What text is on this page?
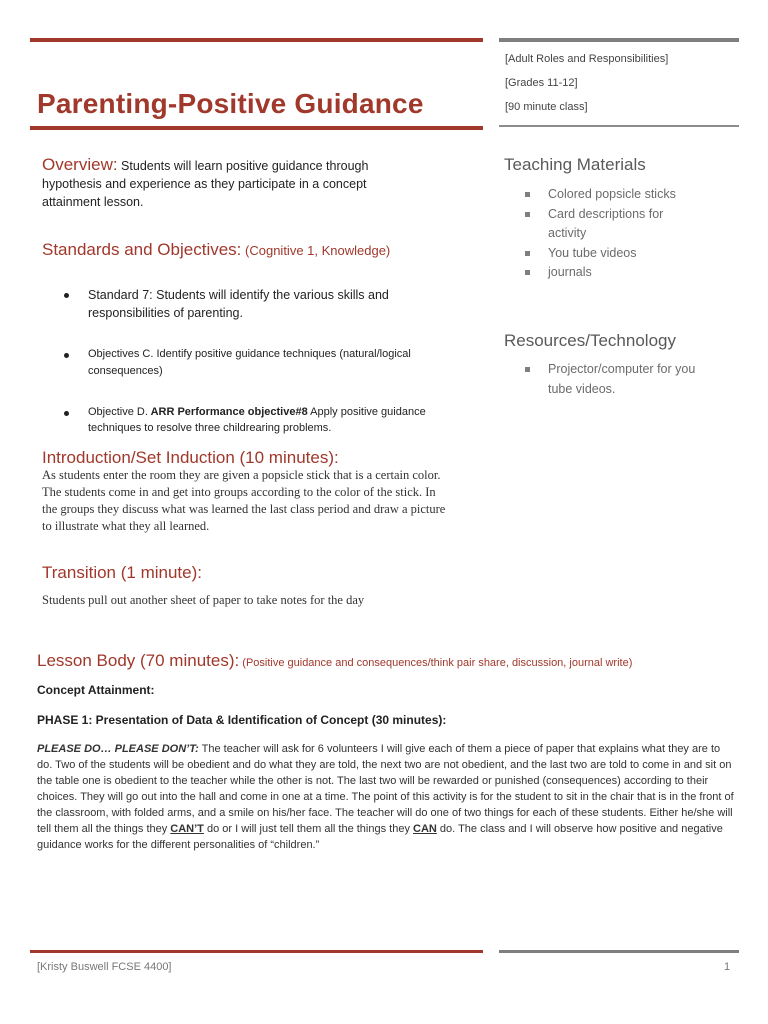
[Adult Roles and Responsibilities]
[Grades 11-12]
[90 minute class]
Parenting-Positive Guidance
Overview: Students will learn positive guidance through hypothesis and experience as they participate in a concept attainment lesson.
Standards and Objectives: (Cognitive 1, Knowledge)
Standard 7: Students will identify the various skills and responsibilities of parenting.
Objectives C. Identify positive guidance techniques (natural/logical consequences)
Objective D. ARR Performance objective#8 Apply positive guidance techniques to resolve three childrearing problems.
Introduction/Set Induction (10 minutes):
As students enter the room they are given a popsicle stick that is a certain color. The students come in and get into groups according to the color of the stick. In the groups they discuss what was learned the last class period and draw a picture to illustrate what they all learned.
Transition (1 minute):
Students pull out another sheet of paper to take notes for the day
Teaching Materials
Colored popsicle sticks
Card descriptions for activity
You tube videos
journals
Resources/Technology
Projector/computer for you tube videos.
Lesson Body (70 minutes): (Positive guidance and consequences/think pair share, discussion, journal write)
Concept Attainment:
PHASE 1: Presentation of Data & Identification of Concept (30 minutes):
PLEASE DO… PLEASE DON’T: The teacher will ask for 6 volunteers I will give each of them a piece of paper that explains what they are to do. Two of the students will be obedient and do what they are told, the next two are not obedient, and the last two are told to come in and sit on the table one is obedient to the teacher while the other is not. The last two will be rewarded or punished (consequences) according to their choices. They will go out into the hall and come in one at a time. The point of this activity is for the student to sit in the chair that is in the front of the classroom, with folded arms, and a smile on his/her face. The teacher will do one of two things for each of these students. Either he/she will tell them all the things they CAN’T do or I will just tell them all the things they CAN do. The class and I will observe how positive and negative guidance works for the different personalities of “children.”
[Kristy Buswell FCSE 4400]	1
